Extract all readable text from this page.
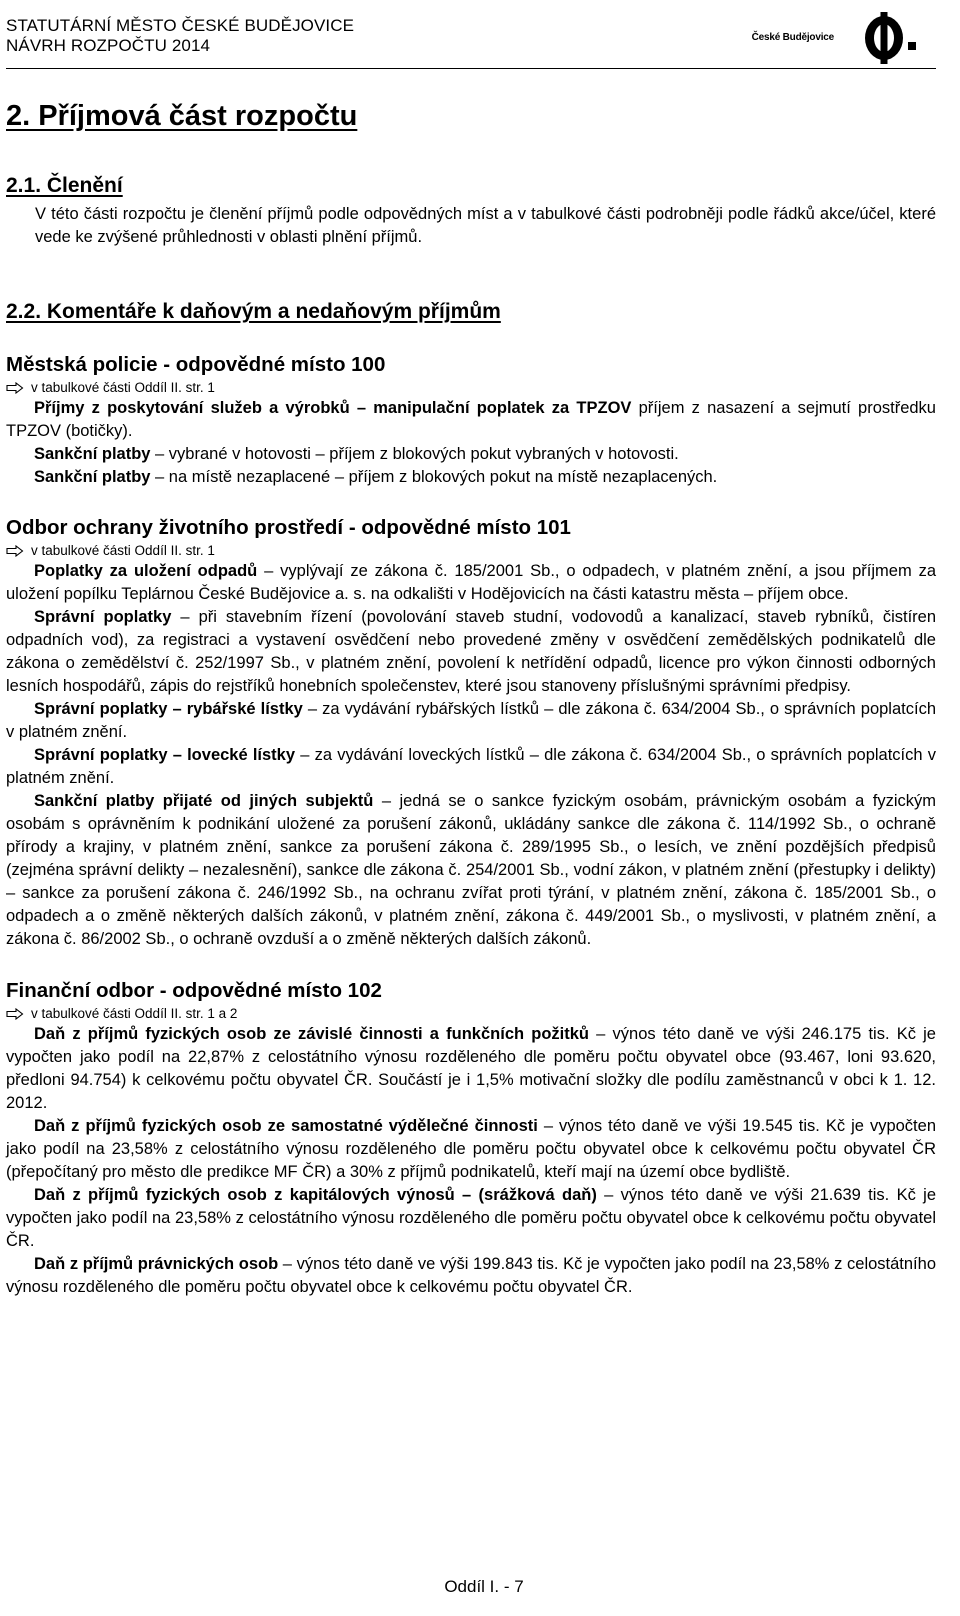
STATUTÁRNÍ MĚSTO ČESKÉ BUDĚJOVICE
NÁVRH ROZPOČTU 2014	České Budějovice
2. Příjmová část rozpočtu
2.1. Členění
V této části rozpočtu je členění příjmů podle odpovědných míst a v tabulkové části podrobněji podle řádků akce/účel, které vede ke zvýšené průhlednosti v oblasti plnění příjmů.
2.2. Komentáře k daňovým a nedaňovým příjmům
Městská policie - odpovědné místo 100
v tabulkové části Oddíl II. str. 1

Příjmy z poskytování služeb a výrobků – manipulační poplatek za TPZOV příjem z nasazení a sejmutí prostředku TPZOV (botičky).

Sankční platby – vybrané v hotovosti – příjem z blokových pokut vybraných v hotovosti.

Sankční platby – na místě nezaplacené – příjem z blokových pokut na místě nezaplacených.

Odbor ochrany životního prostředí - odpovědné místo 101
v tabulkové části Oddíl II. str. 1

Poplatky za uložení odpadů – vyplývají ze zákona č. 185/2001 Sb., o odpadech, v platném znění, a jsou příjmem za uložení popílku Teplárnou České Budějovice a. s. na odkališti v Hodějovicích na části katastru města – příjem obce.

Správní poplatky – při stavebním řízení (povolování staveb studní, vodovodů a kanalizací, staveb rybníků, čistíren odpadních vod), za registraci a vystavení osvědčení nebo provedené změny v osvědčení zemědělských podnikatelů dle zákona o zemědělství č. 252/1997 Sb., v platném znění, povolení k netřídění odpadů, licence pro výkon činnosti odborných lesních hospodářů, zápis do rejstříků honebních společenstev, které jsou stanoveny příslušnými správními předpisy.

Správní poplatky – rybářské lístky – za vydávání rybářských lístků – dle zákona č. 634/2004 Sb., o správních poplatcích v platném znění.

Správní poplatky – lovecké lístky – za vydávání loveckých lístků – dle zákona č. 634/2004 Sb., o správních poplatcích v platném znění.

Sankční platby přijaté od jiných subjektů – jedná se o sankce fyzickým osobám, právnickým osobám a fyzickým osobám s oprávněním k podnikání uložené za porušení zákonů, ukládány sankce dle zákona č. 114/1992 Sb., o ochraně přírody a krajiny, v platném znění, sankce za porušení zákona č. 289/1995 Sb., o lesích, ve znění pozdějších předpisů (zejména správní delikty – nezalesnění), sankce dle zákona č. 254/2001 Sb., vodní zákon, v platném znění (přestupky i delikty) – sankce za porušení zákona č. 246/1992 Sb., na ochranu zvířat proti týrání, v platném znění, zákona č. 185/2001 Sb., o odpadech a o změně některých dalších zákonů, v platném znění, zákona č. 449/2001 Sb., o myslivosti, v platném znění, a zákona č. 86/2002 Sb., o ochraně ovzduší a o změně některých dalších zákonů.

Finanční odbor - odpovědné místo 102
v tabulkové části Oddíl II. str. 1 a 2

Daň z příjmů fyzických osob ze závislé činnosti a funkčních požitků – výnos této daně ve výši 246.175 tis. Kč je vypočten jako podíl na 22,87% z celostátního výnosu rozděleného dle poměru počtu obyvatel obce (93.467, loni 93.620, předloni 94.754) k celkovému počtu obyvatel ČR. Součástí je i 1,5% motivační složky dle podílu zaměstnanců v obci k 1. 12. 2012.

Daň z příjmů fyzických osob ze samostatné výdělečné činnosti – výnos této daně ve výši 19.545 tis. Kč je vypočten jako podíl na 23,58% z celostátního výnosu rozděleného dle poměru počtu obyvatel obce k celkovému počtu obyvatel ČR (přepočítaný pro město dle predikce MF ČR) a 30% z příjmů podnikatelů, kteří mají na území obce bydliště.

Daň z příjmů fyzických osob z kapitálových výnosů – (srážková daň) – výnos této daně ve výši 21.639 tis. Kč je vypočten jako podíl na 23,58% z celostátního výnosu rozděleného dle poměru počtu obyvatel obce k celkovému počtu obyvatel ČR.

Daň z příjmů právnických osob – výnos této daně ve výši 199.843 tis. Kč je vypočten jako podíl na 23,58% z celostátního výnosu rozděleného dle poměru počtu obyvatel obce k celkovému počtu obyvatel ČR.

Oddíl I. - 7
